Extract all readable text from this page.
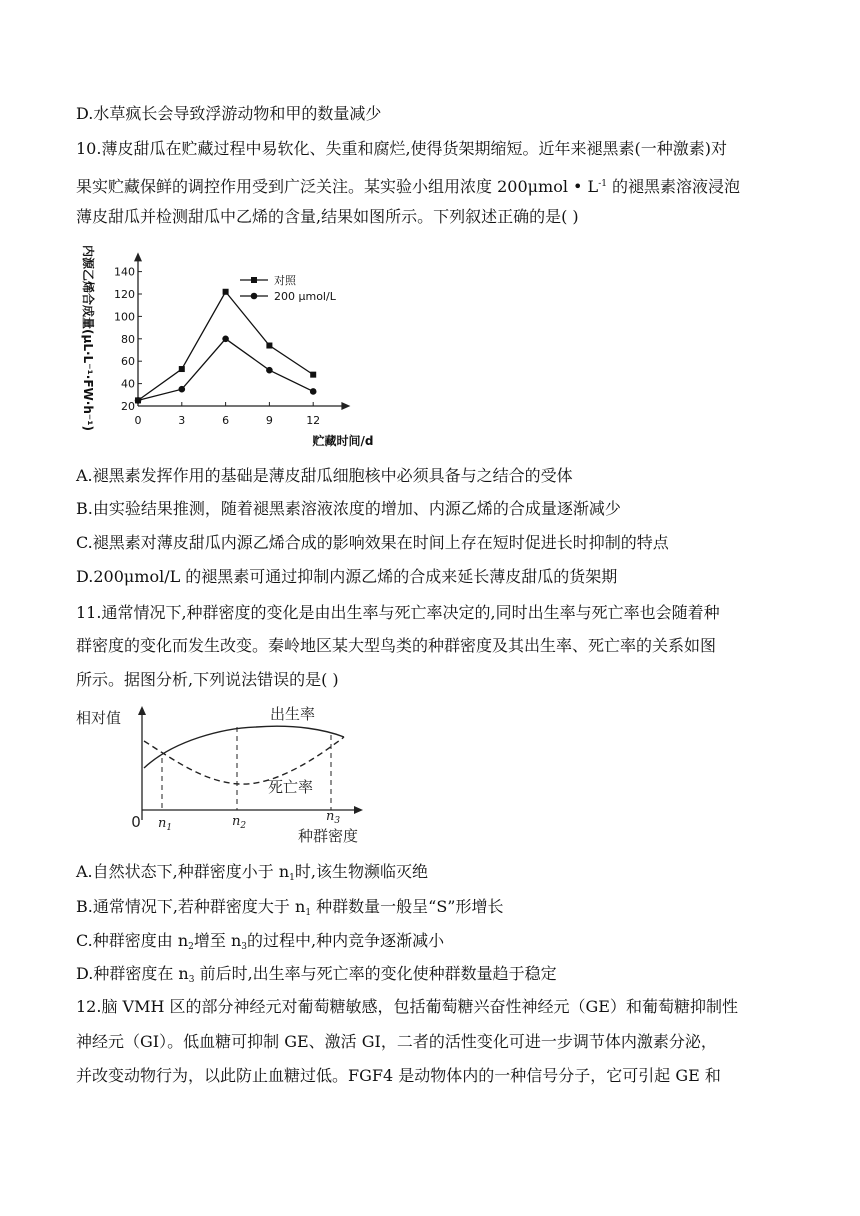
D.水草疯长会导致浮游动物和甲的数量减少
10.薄皮甜瓜在贮藏过程中易软化、失重和腐烂,使得货架期缩短。近年来褪黑素(一种激素)对
果实贮藏保鲜的调控作用受到广泛关注。某实验小组用浓度 200μmol • $L^{-1}$ 的褪黑素溶液浸泡
薄皮甜瓜并检测甜瓜中乙烯的含量,结果如图所示。下列叙述正确的是( )
20
40
60
80
100
120
140
0	3	6	9	12
对照
200 μmol/L
贮藏时间/d
内源乙烯合成量(μL·L⁻¹·FW·h⁻¹)
A.褪黑素发挥作用的基础是薄皮甜瓜细胞核中必须具备与之结合的受体
B.由实验结果推测，随着褪黑素溶液浓度的增加、内源乙烯的合成量逐渐减少
C.褪黑素对薄皮甜瓜内源乙烯合成的影响效果在时间上存在短时促进长时抑制的特点
D.200μmol/L 的褪黑素可通过抑制内源乙烯的合成来延长薄皮甜瓜的货架期
11.通常情况下,种群密度的变化是由出生率与死亡率决定的,同时出生率与死亡率也会随着种
群密度的变化而发生改变。秦岭地区某大型鸟类的种群密度及其出生率、死亡率的关系如图
所示。据图分析,下列说法错误的是( )
相对值	出生率
死亡率
0 $n_1$	$n_2$
$n_3$
种群密度
A.自然状态下,种群密度小于 $n_1$时,该生物濒临灭绝
B.通常情况下,若种群密度大于 $n_1$ 种群数量一般呈“S”形增长
C.种群密度由 $n_2$增至 $n_3$的过程中,种内竞争逐渐减小
D.种群密度在 $n_3$ 前后时,出生率与死亡率的变化使种群数量趋于稳定
12.脑 VMH 区的部分神经元对葡萄糖敏感，包括葡萄糖兴奋性神经元（GE）和葡萄糖抑制性
神经元（GI）。低血糖可抑制 GE、激活 GI，二者的活性变化可进一步调节体内激素分泌，
并改变动物行为，以此防止血糖过低。FGF4 是动物体内的一种信号分子，它可引起 GE 和
